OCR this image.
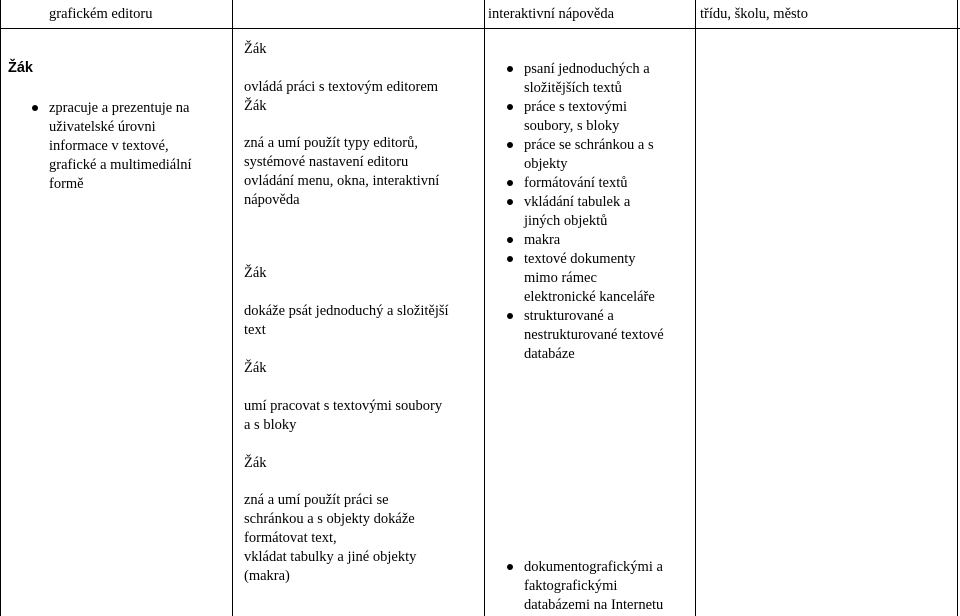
grafickém editoru	interaktivní nápověda	třídu, školu, město
Žák
zpracuje a prezentuje na
uživatelské úrovni
informace v textové,
grafické a multimediální
formě
Žák
ovládá práci s textovým editorem
Žák
zná a umí použít typy editorů,
systémové nastavení editoru
ovládání menu, okna, interaktivní
nápověda
Žák
dokáže psát jednoduchý a složitější
text
Žák
umí pracovat s textovými soubory
a s bloky
Žák
zná a umí použít práci se
schránkou a s objekty dokáže
formátovat text,
vkládat tabulky a jiné objekty
(makra)
psaní jednoduchých a
složitějších textů
práce s textovými
soubory, s bloky
práce se schránkou a s
objekty
formátování textů
vkládání tabulek a
jiných objektů
makra
textové dokumenty
mimo rámec
elektronické kanceláře
strukturované a
nestrukturované textové
databáze
dokumentografickými a
faktografickými
databázemi na Internetu
